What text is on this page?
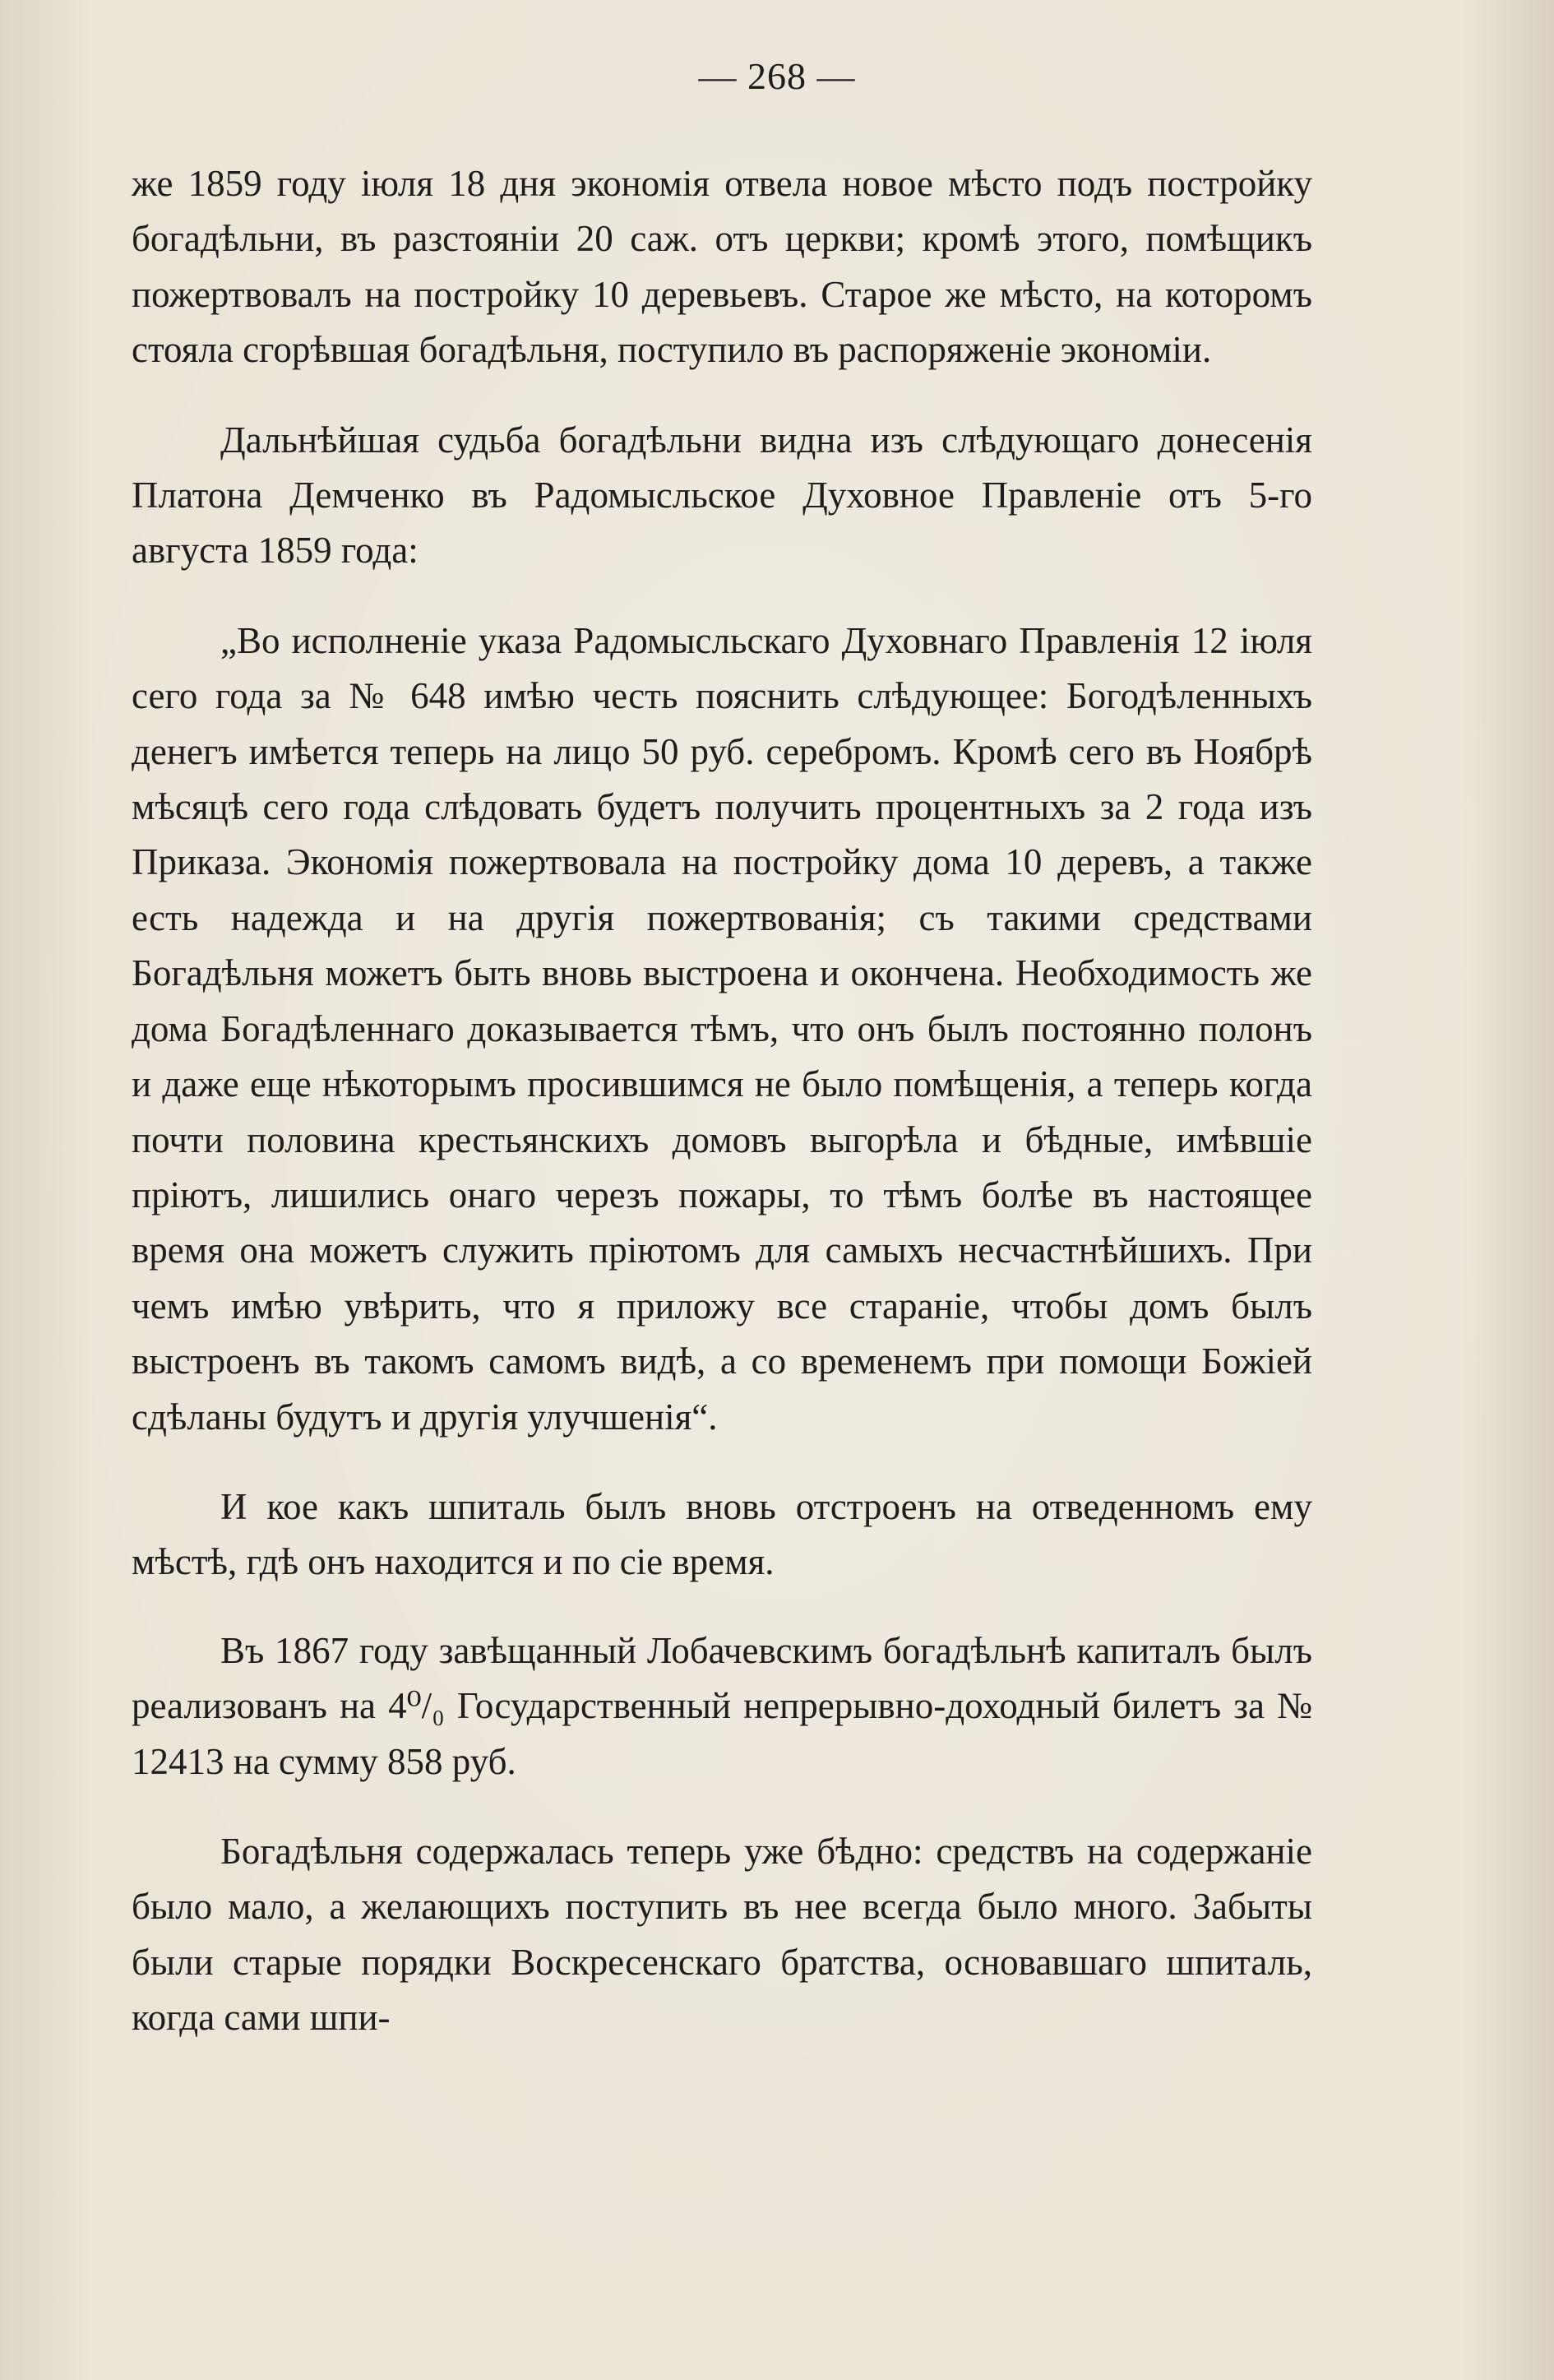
— 268 —

же 1859 году іюля 18 дня экономія отвела новое мѣсто подъ постройку богадѣльни, въ разстояніи 20 саж. отъ церкви; кромѣ этого, помѣщикъ пожертвовалъ на постройку 10 деревьевъ. Старое же мѣсто, на которомъ стояла сгорѣвшая богадѣльня, поступило въ распоряженіе экономіи.

Дальнѣйшая судьба богадѣльни видна изъ слѣдующаго донесенія Платона Демченко въ Радомысльское Духовное Правленіе отъ 5-го августа 1859 года:

„Во исполненіе указа Радомысльскаго Духовнаго Правленія 12 іюля сего года за № 648 имѣю честь пояснить слѣдующее: Богодѣленныхъ денегъ имѣется теперь на лицо 50 руб. серебромъ. Кромѣ сего въ Ноябрѣ мѣсяцѣ сего года слѣдовать будетъ получить процентныхъ за 2 года изъ Приказа. Экономія пожертвовала на постройку дома 10 деревъ, а также есть надежда и на другія пожертвованія; съ такими средствами Богадѣльня можетъ быть вновь выстроена и окончена. Необходимость же дома Богадѣленнаго доказывается тѣмъ, что онъ былъ постоянно полонъ и даже еще нѣкоторымъ просившимся не было помѣщенія, а теперь когда почти половина крестьянскихъ домовъ выгорѣла и бѣдные, имѣвшіе пріютъ, лишились онаго черезъ пожары, то тѣмъ болѣе въ настоящее время она можетъ служить пріютомъ для самыхъ несчастнѣйшихъ. При чемъ имѣю увѣрить, что я приложу все стараніе, чтобы домъ былъ выстроенъ въ такомъ самомъ видѣ, а со временемъ при помощи Божіей сдѣланы будутъ и другія улучшенія“.

И кое какъ шпиталь былъ вновь отстроенъ на отведенномъ ему мѣстѣ, гдѣ онъ находится и по сіе время.

Въ 1867 году завѣщанный Лобачевскимъ богадѣльнѣ капиталъ былъ реализованъ на 4⁰/₀ Государственный непрерывно-доходный билетъ за № 12413 на сумму 858 руб.

Богадѣльня содержалась теперь уже бѣдно: средствъ на содержаніе было мало, а желающихъ поступить въ нее всегда было много. Забыты были старые порядки Воскресенскаго братства, основавшаго шпиталь, когда сами шпи-
